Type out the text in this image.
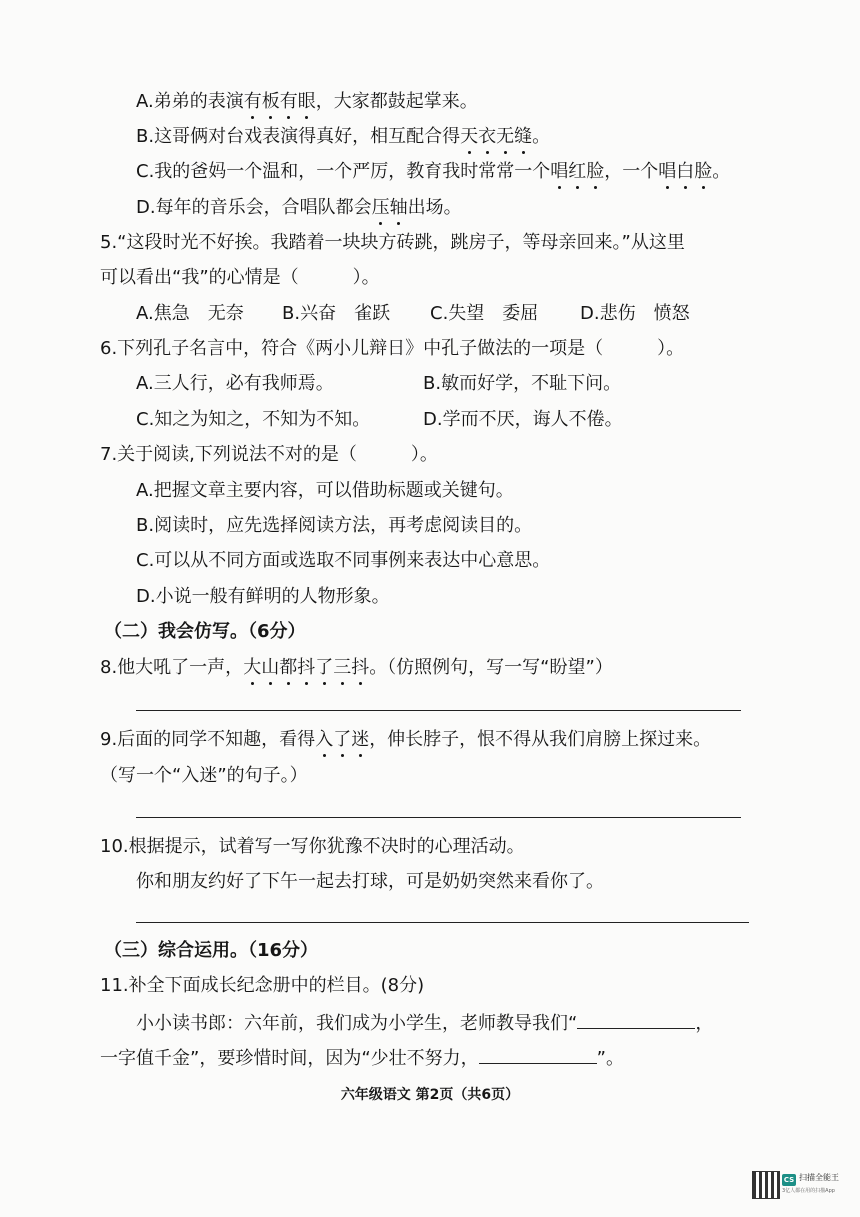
A.弟弟的表演有板有眼，大家都鼓起掌来。
B.这哥俩对台戏表演得真好，相互配合得天衣无缝。
C.我的爸妈一个温和，一个严厉，教育我时常常一个唱红脸，一个唱白脸。
D.每年的音乐会，合唱队都会压轴出场。
5.“这段时光不好挨。我踏着一块块方砖跳，跳房子，等母亲回来。”从这里
可以看出“我”的心情是（　　　）。
A.焦急　无奈 B.兴奋　雀跃 C.失望　委屈 D.悲伤　愤怒
6.下列孔子名言中，符合《两小儿辩日》中孔子做法的一项是（　　　）。
A.三人行，必有我师焉。	B.敏而好学，不耻下问。
C.知之为知之，不知为不知。	D.学而不厌，诲人不倦。
7.关于阅读,下列说法不对的是（　　　）。
A.把握文章主要内容，可以借助标题或关键句。
B.阅读时，应先选择阅读方法，再考虑阅读目的。
C.可以从不同方面或选取不同事例来表达中心意思。
D.小说一般有鲜明的人物形象。
（二）我会仿写。（6分）
8.他大吼了一声，大山都抖了三抖。（仿照例句，写一写“盼望”）
9.后面的同学不知趣，看得入了迷，伸长脖子，恨不得从我们肩膀上探过来。
（写一个“入迷”的句子。）
10.根据提示，试着写一写你犹豫不决时的心理活动。
你和朋友约好了下午一起去打球，可是奶奶突然来看你了。
（三）综合运用。（16分）
11.补全下面成长纪念册中的栏目。(8分)
小小读书郎：六年前，我们成为小学生，老师教导我们“	，
一字值千金”，要珍惜时间，因为“少壮不努力，	”。
六年级语文 第2页（共6页）
CS 扫描全能王
3亿人都在用的扫描App
